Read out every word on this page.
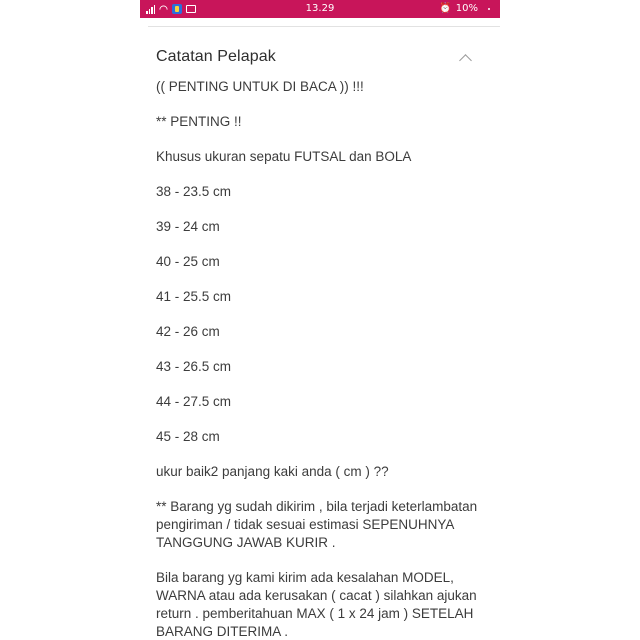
13.29	⏰ 10%
Catatan Pelapak

(( PENTING UNTUK DI BACA )) !!!

** PENTING !!

Khusus ukuran sepatu FUTSAL dan BOLA

38 - 23.5 cm

39 - 24 cm

40 - 25 cm

41 - 25.5 cm

42 - 26 cm

43 - 26.5 cm

44 - 27.5 cm

45 - 28 cm

ukur baik2 panjang kaki anda ( cm ) ??

** Barang yg sudah dikirim , bila terjadi keterlambatan pengiriman / tidak sesuai estimasi SEPENUHNYA TANGGUNG JAWAB KURIR .

Bila barang yg kami kirim ada kesalahan MODEL, WARNA atau ada kerusakan ( cacat ) silahkan ajukan return . pemberitahuan MAX ( 1 x 24 jam ) SETELAH BARANG DITERIMA .
